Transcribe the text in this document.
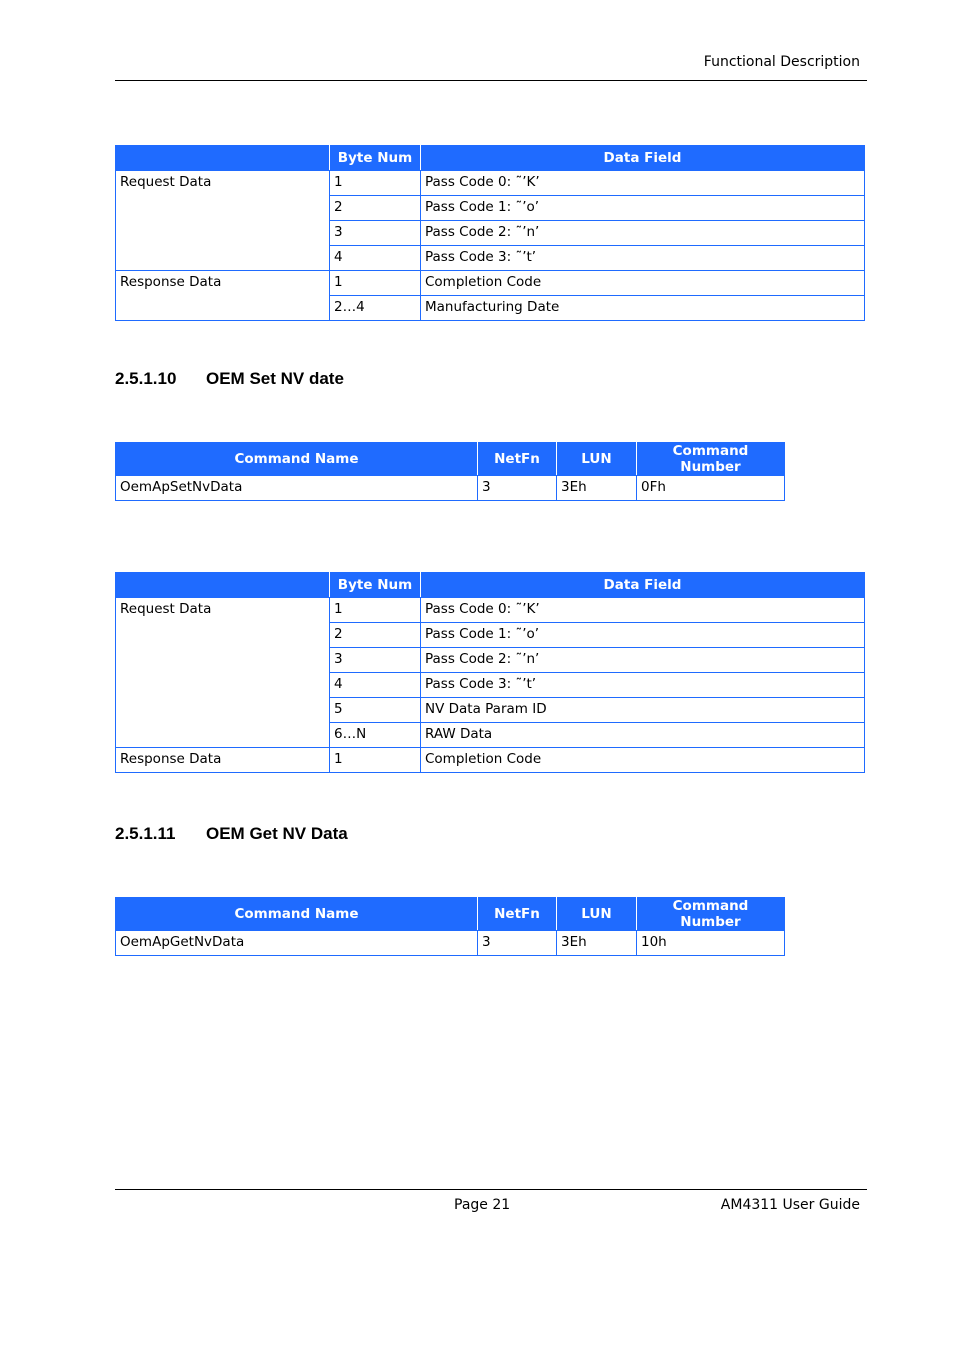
Functional Description
	Byte Num	Data Field
Request Data	1	Pass Code 0: ˜’K’
	2	Pass Code 1: ˜’o’
	3	Pass Code 2: ˜’n’
	4	Pass Code 3: ˜’t’
Response Data	1	Completion Code
	2…4	Manufacturing Date
2.5.1.10 OEM Set NV date
Command Name	NetFn	LUN	Command Number
OemApSetNvData	3	3Eh	0Fh
	Byte Num	Data Field
Request Data	1	Pass Code 0: ˜’K’
	2	Pass Code 1: ˜’o’
	3	Pass Code 2: ˜’n’
	4	Pass Code 3: ˜’t’
	5	NV Data Param ID
	6…N	RAW Data
Response Data	1	Completion Code
2.5.1.11 OEM Get NV Data
Command Name	NetFn	LUN	Command Number
OemApGetNvData	3	3Eh	10h
Page 21	AM4311 User Guide
